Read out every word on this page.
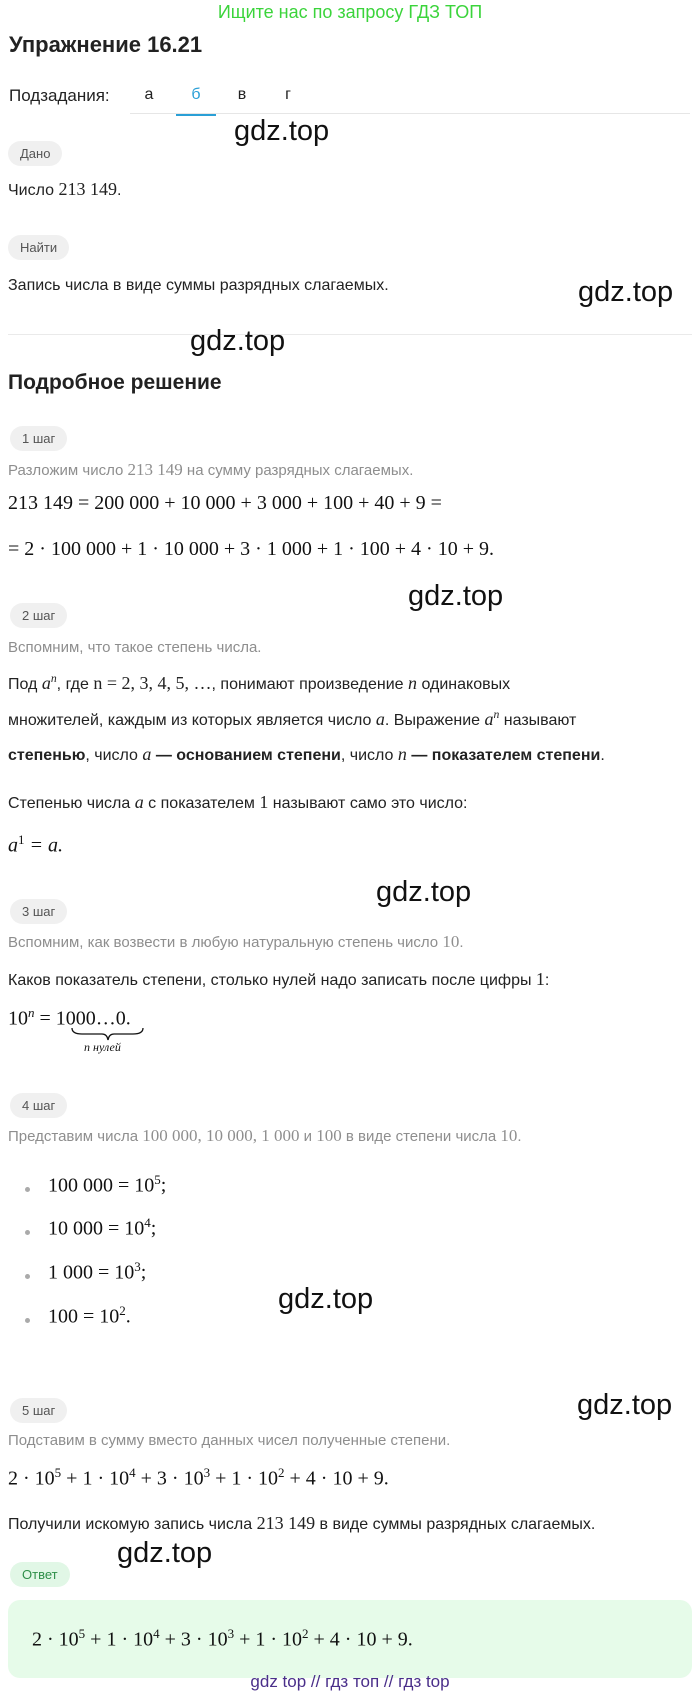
Ищите нас по запросу ГДЗ ТОП
Упражнение 16.21
Подзадания:	а	б	в	г
Дано
Число 213 149.
Найти
Запись числа в виде суммы разрядных слагаемых.
Подробное решение
1 шаг
Разложим число 213 149 на сумму разрядных слагаемых.
213 149 = 200 000 + 10 000 + 3 000 + 100 + 40 + 9 =
= 2 · 100 000 + 1 · 10 000 + 3 · 1 000 + 1 · 100 + 4 · 10 + 9.
2 шаг
Вспомним, что такое степень числа.
Под $a^n$, где n = 2, 3, 4, 5, …, понимают произведение n одинаковых
множителей, каждым из которых является число a. Выражение $a^n$ называют
степенью, число a — основанием степени, число n — показателем степени.
Степенью числа a с показателем 1 называют само это число:
$a^1 = a$.
3 шаг
Вспомним, как возвести в любую натуральную степень число 10.
Каков показатель степени, столько нулей надо записать после цифры 1:
$10^n$ = 1000…0.
n нулей
4 шаг
Представим числа 100 000, 10 000, 1 000 и 100 в виде степени числа 10.
100 $000 = 10^5$;
10 $000 = 10^4$;
1 $000 = 10^3$;
$100 = 10^2$.
5 шаг
Подставим в сумму вместо данных чисел полученные степени.
$2 \cdot 10^5 + 1 \cdot 10^4 + 3 \cdot 10^3 + 1 \cdot 10^2 + 4 \cdot 10 + 9$.
Получили искомую запись числа 213 149 в виде суммы разрядных слагаемых.
Ответ
$2 \cdot 10^5 + 1 \cdot 10^4 + 3 \cdot 10^3 + 1 \cdot 10^2 + 4 \cdot 10 + 9$.
gdz.top
gdz.top
gdz.top
gdz.top
gdz.top
gdz.top
gdz.top
gdz.top
gdz top // гдз топ // гдз top
